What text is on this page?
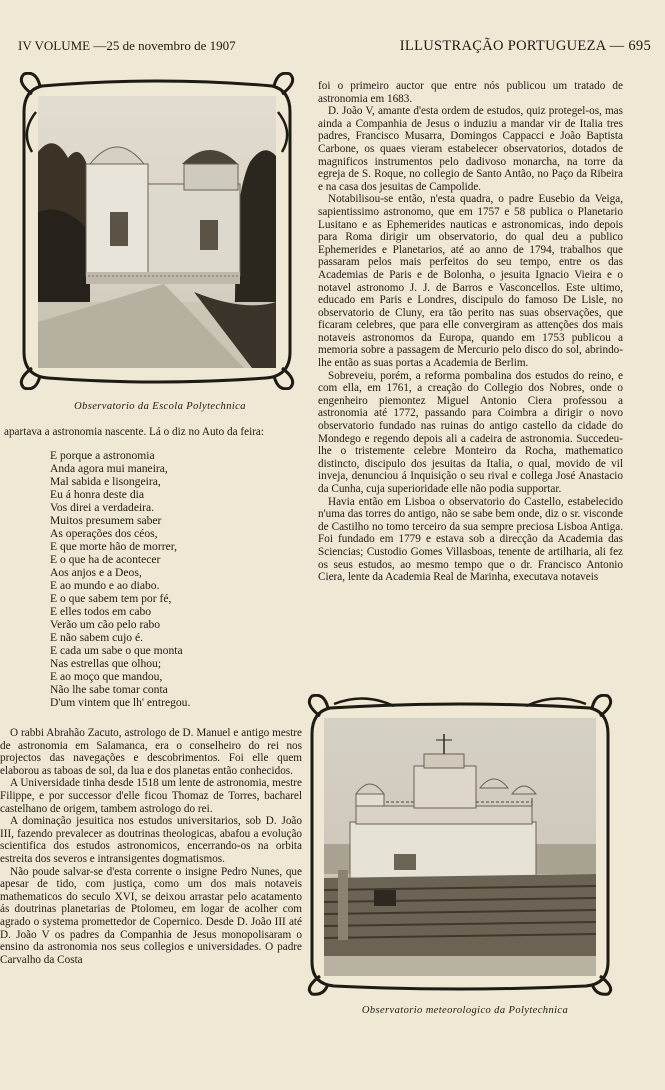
IV VOLUME —25 de novembro de 1907	ILLUSTRAÇÃO PORTUGUEZA — 695
Observatorio da Escola Polytechnica

apartava a astronomia nascente. Lá o diz no Auto da feira:

E porque a astronomia
Anda agora mui maneira,
Mal sabida e lisongeira,
Eu á honra deste dia
Vos direi a verdadeira.
Muitos presumem saber
As operações dos céos,
E que morte hão de morrer,
E o que ha de acontecer
Aos anjos e a Deos,
E ao mundo e ao diabo.
E o que sabem tem por fé,
E elles todos em cabo
Verão um cão pelo rabo
E não sabem cujo é.
E cada um sabe o que monta
Nas estrellas que olhou;
E ao moço que mandou,
Não lhe sabe tomar conta
D'um vintem que lh' entregou.

O rabbi Abrahão Zacuto, astrologo de D. Manuel e antigo mestre de astronomia em Salamanca, era o conselheiro do rei nos projectos das navegações e descobrimentos. Foi elle quem elaborou as taboas de sol, da lua e dos planetas então conhecidos.

A Universidade tinha desde 1518 um lente de astronomia, mestre Filippe, e por successor d'elle ficou Thomaz de Torres, bacharel castelhano de origem, tambem astrologo do rei.

A dominação jesuitica nos estudos universitarios, sob D. João III, fazendo prevalecer as doutrinas theologicas, abafou a evolução scientifica dos estudos astronomicos, encerrando-os na orbita estreita dos severos e intransigentes dogmatismos.

Não poude salvar-se d'esta corrente o insigne Pedro Nunes, que apesar de tido, com justiça, como um dos mais notaveis mathematicos do seculo XVI, se deixou arrastar pelo acatamento ás doutrinas planetarias de Ptolomeu, em logar de acolher com agrado o systema promettedor de Copernico. Desde D. João III até D. João V os padres da Companhia de Jesus monopolisaram o ensino da astronomia nos seus collegios e universidades. O padre Carvalho da Costa

foi o primeiro auctor que entre nós publicou um tratado de astronomia em 1683.

D. João V, amante d'esta ordem de estudos, quiz protegel-os, mas ainda a Companhia de Jesus o induziu a mandar vir de Italia tres padres, Francisco Musarra, Domingos Cappacci e João Baptista Carbone, os quaes vieram estabelecer observatorios, dotados de magnificos instrumentos pelo dadivoso monarcha, na torre da egreja de S. Roque, no collegio de Santo Antão, no Paço da Ribeira e na casa dos jesuitas de Campolide.

Notabilisou-se então, n'esta quadra, o padre Eusebio da Veiga, sapientissimo astronomo, que em 1757 e 58 publica o Planetario Lusitano e as Ephemerides nauticas e astronomicas, indo depois para Roma dirigir um observatorio, do qual deu a publico Ephemerides e Planetarios, até ao anno de 1794, trabalhos que passaram pelos mais perfeitos do seu tempo, entre os das Academias de Paris e de Bolonha, o jesuita Ignacio Vieira e o notavel astronomo J. J. de Barros e Vasconcellos. Este ultimo, educado em Paris e Londres, discipulo do famoso De Lisle, no observatorio de Cluny, era tão perito nas suas observações, que ficaram celebres, que para elle convergiram as attenções dos mais notaveis astronomos da Europa, quando em 1753 publicou a memoria sobre a passagem de Mercurio pelo disco do sol, abrindo-lhe então as suas portas a Academia de Berlim.

Sobreveiu, porém, a reforma pombalina dos estudos do reino, e com ella, em 1761, a creação do Collegio dos Nobres, onde o engenheiro piemontez Miguel Antonio Ciera professou a astronomia até 1772, passando para Coimbra a dirigir o novo observatorio fundado nas ruinas do antigo castello da cidade do Mondego e regendo depois ali a cadeira de astronomia. Succedeu-lhe o tristemente celebre Monteiro da Rocha, mathematico distincto, discipulo dos jesuitas da Italia, o qual, movido de vil inveja, denunciou á Inquisição o seu rival e collega José Anastacio da Cunha, cuja superioridade elle não podia supportar.

Havia então em Lisboa o observatorio do Castello, estabelecido n'uma das torres do antigo, não se sabe bem onde, diz o sr. visconde de Castilho no tomo terceiro da sua sempre preciosa Lisboa Antiga. Foi fundado em 1779 e estava sob a direcção da Academia das Sciencias; Custodio Gomes Villasboas, tenente de artilharia, ali fez os seus estudos, ao mesmo tempo que o dr. Francisco Antonio Ciera, lente da Academia Real de Marinha, executava notaveis

Observatorio meteorologico da Polytechnica
